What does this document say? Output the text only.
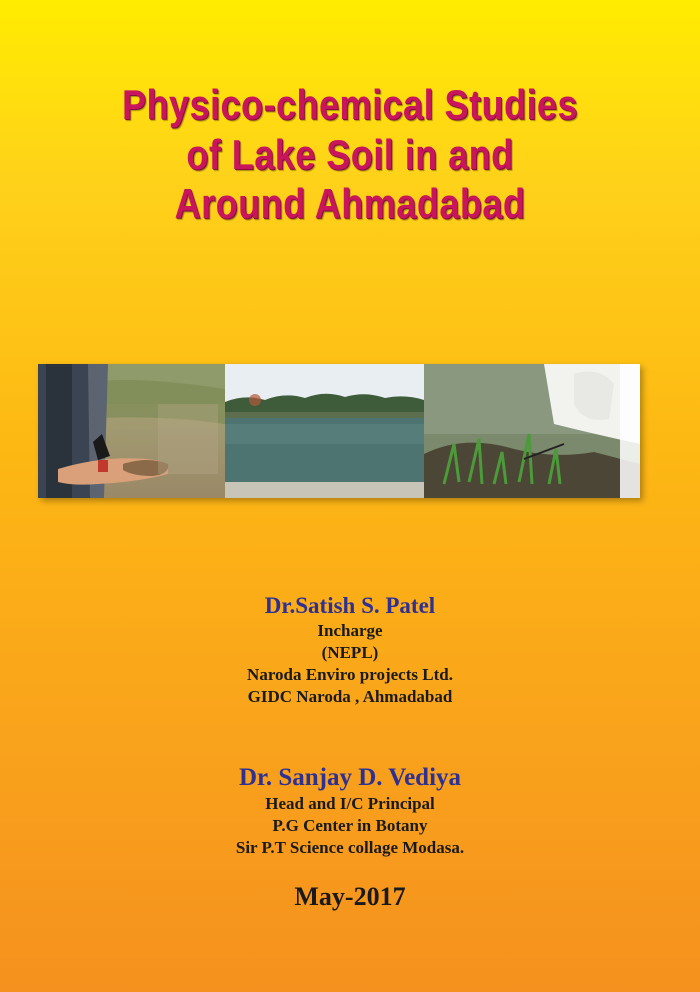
Physico-chemical Studies
of Lake Soil in and
Around Ahmadabad
Dr.Satish S. Patel
Incharge
(NEPL)
Naroda Enviro projects Ltd.
GIDC Naroda , Ahmadabad
Dr. Sanjay D. Vediya
Head and I/C Principal
P.G Center in Botany
Sir P.T Science collage Modasa.
May-2017
